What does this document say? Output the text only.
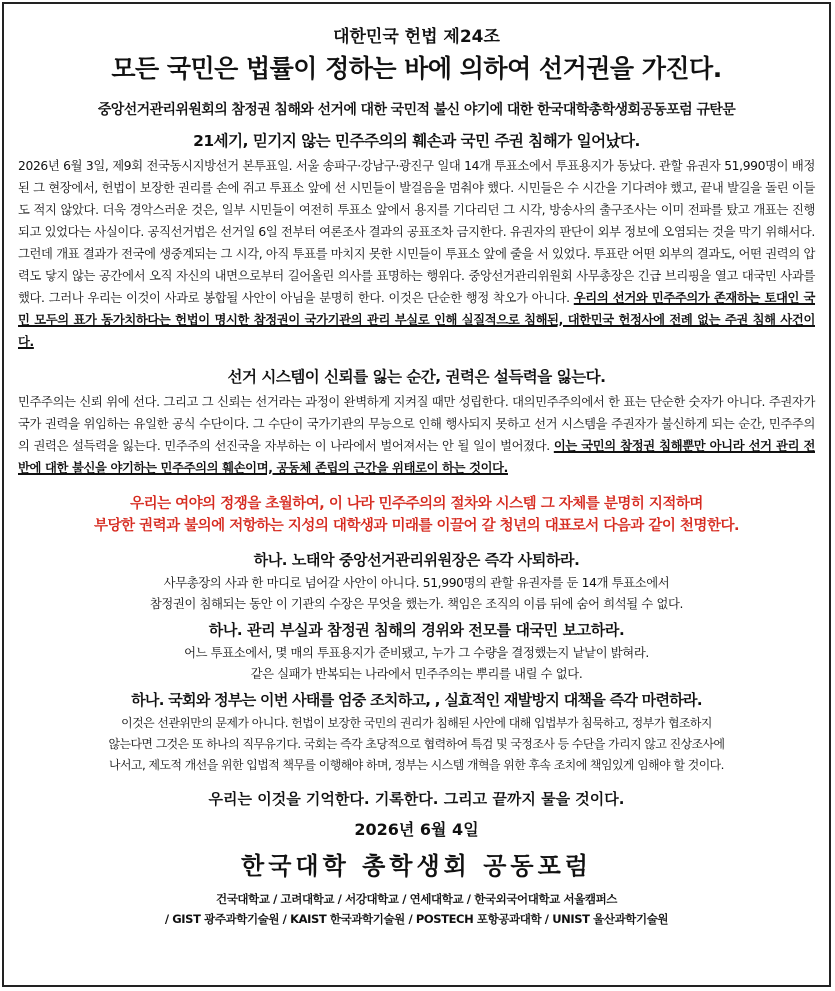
대한민국 헌법 제24조
모든 국민은 법률이 정하는 바에 의하여 선거권을 가진다.
중앙선거관리위원회의 참정권 침해와 선거에 대한 국민적 불신 야기에 대한 한국대학총학생회공동포럼 규탄문
21세기, 믿기지 않는 민주주의의 훼손과 국민 주권 침해가 일어났다.

2026년 6월 3일, 제9회 전국동시지방선거 본투표일. 서울 송파구·강남구·광진구 일대 14개 투표소에서 투표용지가 동났다. 관할 유권자 51,990명이 배정된 그 현장에서, 헌법이 보장한 권리를 손에 쥐고 투표소 앞에 선 시민들이 발걸음을 멈춰야 했다. 시민들은 수 시간을 기다려야 했고, 끝내 발길을 돌린 이들도 적지 않았다. 더욱 경악스러운 것은, 일부 시민들이 여전히 투표소 앞에서 용지를 기다리던 그 시각, 방송사의 출구조사는 이미 전파를 탔고 개표는 진행되고 있었다는 사실이다. 공직선거법은 선거일 6일 전부터 여론조사 결과의 공표조차 금지한다. 유권자의 판단이 외부 정보에 오염되는 것을 막기 위해서다. 그런데 개표 결과가 전국에 생중계되는 그 시각, 아직 투표를 마치지 못한 시민들이 투표소 앞에 줄을 서 있었다. 투표란 어떤 외부의 결과도, 어떤 권력의 압력도 닿지 않는 공간에서 오직 자신의 내면으로부터 길어올린 의사를 표명하는 행위다. 중앙선거관리위원회 사무총장은 긴급 브리핑을 열고 대국민 사과를 했다. 그러나 우리는 이것이 사과로 봉합될 사안이 아님을 분명히 한다. 이것은 단순한 행정 착오가 아니다. 우리의 선거와 민주주의가 존재하는 토대인 국민 모두의 표가 동가치하다는 헌법이 명시한 참정권이 국가기관의 관리 부실로 인해 실질적으로 침해된, 대한민국 헌정사에 전례 없는 주권 침해 사건이다.

선거 시스템이 신뢰를 잃는 순간, 권력은 설득력을 잃는다.

민주주의는 신뢰 위에 선다. 그리고 그 신뢰는 선거라는 과정이 완벽하게 지켜질 때만 성립한다. 대의민주주의에서 한 표는 단순한 숫자가 아니다. 주권자가 국가 권력을 위임하는 유일한 공식 수단이다. 그 수단이 국가기관의 무능으로 인해 행사되지 못하고 선거 시스템을 주권자가 불신하게 되는 순간, 민주주의의 권력은 설득력을 잃는다. 민주주의 선진국을 자부하는 이 나라에서 벌어져서는 안 될 일이 벌어졌다. 이는 국민의 참정권 침해뿐만 아니라 선거 관리 전반에 대한 불신을 야기하는 민주주의의 훼손이며, 공동체 존립의 근간을 위태로이 하는 것이다.

우리는 여야의 정쟁을 초월하여, 이 나라 민주주의의 절차와 시스템 그 자체를 분명히 지적하며
부당한 권력과 불의에 저항하는 지성의 대학생과 미래를 이끌어 갈 청년의 대표로서 다음과 같이 천명한다.
하나. 노태악 중앙선거관리위원장은 즉각 사퇴하라.
사무총장의 사과 한 마디로 넘어갈 사안이 아니다. 51,990명의 관할 유권자를 둔 14개 투표소에서
참정권이 침해되는 동안 이 기관의 수장은 무엇을 했는가. 책임은 조직의 이름 뒤에 숨어 희석될 수 없다.
하나. 관리 부실과 참정권 침해의 경위와 전모를 대국민 보고하라.
어느 투표소에서, 몇 매의 투표용지가 준비됐고, 누가 그 수량을 결정했는지 낱낱이 밝혀라.
같은 실패가 반복되는 나라에서 민주주의는 뿌리를 내릴 수 없다.
하나. 국회와 정부는 이번 사태를 엄중 조치하고, , 실효적인 재발방지 대책을 즉각 마련하라.
이것은 선관위만의 문제가 아니다. 헌법이 보장한 국민의 권리가 침해된 사안에 대해 입법부가 침묵하고, 정부가 협조하지
않는다면 그것은 또 하나의 직무유기다. 국회는 즉각 초당적으로 협력하여 특검 및 국정조사 등 수단을 가리지 않고 진상조사에
나서고, 제도적 개선을 위한 입법적 책무를 이행해야 하며, 정부는 시스템 개혁을 위한 후속 조치에 책임있게 임해야 할 것이다.
우리는 이것을 기억한다. 기록한다. 그리고 끝까지 물을 것이다.
2026년 6월 4일
한국대학 총학생회 공동포럼
건국대학교 / 고려대학교 / 서강대학교 / 연세대학교 / 한국외국어대학교 서울캠퍼스
/ GIST 광주과학기술원 / KAIST 한국과학기술원 / POSTECH 포항공과대학 / UNIST 울산과학기술원
